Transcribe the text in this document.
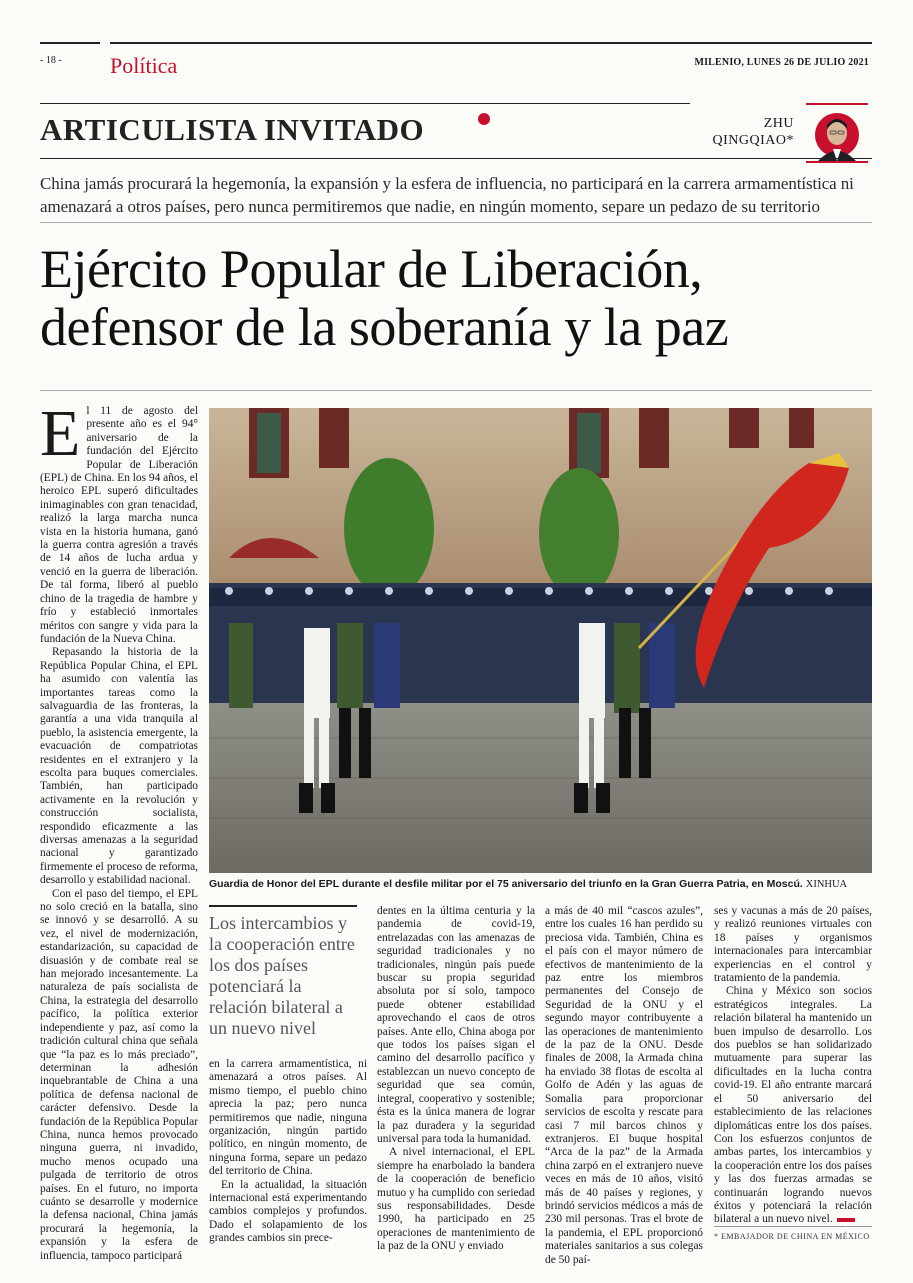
- 18 - Política	MILENIO, LUNES 26 DE JULIO 2021
ARTICULISTA INVITADO	ZHU
QINGQIAO*
China jamás procurará la hegemonía, la expansión y la esfera de influencia, no participará en la carrera armamentística ni amenazará a otros países, pero nunca permitiremos que nadie, en ningún momento, separe un pedazo de su territorio
Ejército Popular de Liberación,
defensor de la soberanía y la paz

El 11 de agosto del presente año es el 94° aniversario de la fundación del Ejército Popular de Liberación (EPL) de China. En los 94 años, el heroico EPL superó dificultades inimaginables con gran tenacidad, realizó la larga marcha nunca vista en la historia humana, ganó la guerra contra agresión a través de 14 años de lucha ardua y venció en la guerra de liberación. De tal forma, liberó al pueblo chino de la tragedia de hambre y frío y estableció inmortales méritos con sangre y vida para la fundación de la Nueva China.

Repasando la historia de la República Popular China, el EPL ha asumido con valentía las importantes tareas como la salvaguardia de las fronteras, la garantía a una vida tranquila al pueblo, la asistencia emergente, la evacuación de compatriotas residentes en el extranjero y la escolta para buques comerciales. También, han participado activamente en la revolución y construcción socialista, respondido eficazmente a las diversas amenazas a la seguridad nacional y garantizado firmemente el proceso de reforma, desarrollo y estabilidad nacional.

Con el paso del tiempo, el EPL no solo creció en la batalla, sino se innovó y se desarrolló. A su vez, el nivel de modernización, estandarización, su capacidad de disuasión y de combate real se han mejorado incesantemente. La naturaleza de país socialista de China, la estrategia del desarrollo pacífico, la política exterior independiente y paz, así como la tradición cultural china que señala que “la paz es lo más preciado”, determinan la adhesión inquebrantable de China a una política de defensa nacional de carácter defensivo. Desde la fundación de la República Popular China, nunca hemos provocado ninguna guerra, ni invadido, mucho menos ocupado una pulgada de territorio de otros países. En el futuro, no importa cuánto se desarrolle y modernice la defensa nacional, China jamás procurará la hegemonía, la expansión y la esfera de influencia, tampoco participará

Guardia de Honor del EPL durante el desfile militar por el 75 aniversario del triunfo en la Gran Guerra Patria, en Moscú. XINHUA
Los intercambios y la cooperación entre los dos países potenciará la relación bilateral a un nuevo nivel

en la carrera armamentística, ni amenazará a otros países. Al mismo tiempo, el pueblo chino aprecia la paz; pero nunca permitiremos que nadie, ninguna organización, ningún partido político, en ningún momento, de ninguna forma, separe un pedazo del territorio de China.

En la actualidad, la situación internacional está experimentando cambios complejos y profundos. Dado el solapamiento de los grandes cambios sin prece-

dentes en la última centuria y la pandemia de covid-19, entrelazadas con las amenazas de seguridad tradicionales y no tradicionales, ningún país puede buscar su propia seguridad absoluta por sí solo, tampoco puede obtener estabilidad aprovechando el caos de otros países. Ante ello, China aboga por que todos los países sigan el camino del desarrollo pacífico y establezcan un nuevo concepto de seguridad que sea común, integral, cooperativo y sostenible; ésta es la única manera de lograr la paz duradera y la seguridad universal para toda la humanidad.

A nivel internacional, el EPL siempre ha enarbolado la bandera de la cooperación de beneficio mutuo y ha cumplido con seriedad sus responsabilidades. Desde 1990, ha participado en 25 operaciones de mantenimiento de la paz de la ONU y enviado

a más de 40 mil “cascos azules”, entre los cuales 16 han perdido su preciosa vida. También, China es el país con el mayor número de efectivos de mantenimiento de la paz entre los miembros permanentes del Consejo de Seguridad de la ONU y el segundo mayor contribuyente a las operaciones de mantenimiento de la paz de la ONU. Desde finales de 2008, la Armada china ha enviado 38 flotas de escolta al Golfo de Adén y las aguas de Somalia para proporcionar servicios de escolta y rescate para casi 7 mil barcos chinos y extranjeros. El buque hospital “Arca de la paz” de la Armada china zarpó en el extranjero nueve veces en más de 10 años, visitó más de 40 países y regiones, y brindó servicios médicos a más de 230 mil personas. Tras el brote de la pandemia, el EPL proporcionó materiales sanitarios a sus colegas de 50 paí-

ses y vacunas a más de 20 países, y realizó reuniones virtuales con 18 países y organismos internacionales para intercambiar experiencias en el control y tratamiento de la pandemia.

China y México son socios estratégicos integrales. La relación bilateral ha mantenido un buen impulso de desarrollo. Los dos pueblos se han solidarizado mutuamente para superar las dificultades en la lucha contra covid-19. El año entrante marcará el 50 aniversario del establecimiento de las relaciones diplomáticas entre los dos países. Con los esfuerzos conjuntos de ambas partes, los intercambios y la cooperación entre los dos países y las dos fuerzas armadas se continuarán logrando nuevos éxitos y potenciará la relación bilateral a un nuevo nivel.

* EMBAJADOR DE CHINA EN MÉXICO
